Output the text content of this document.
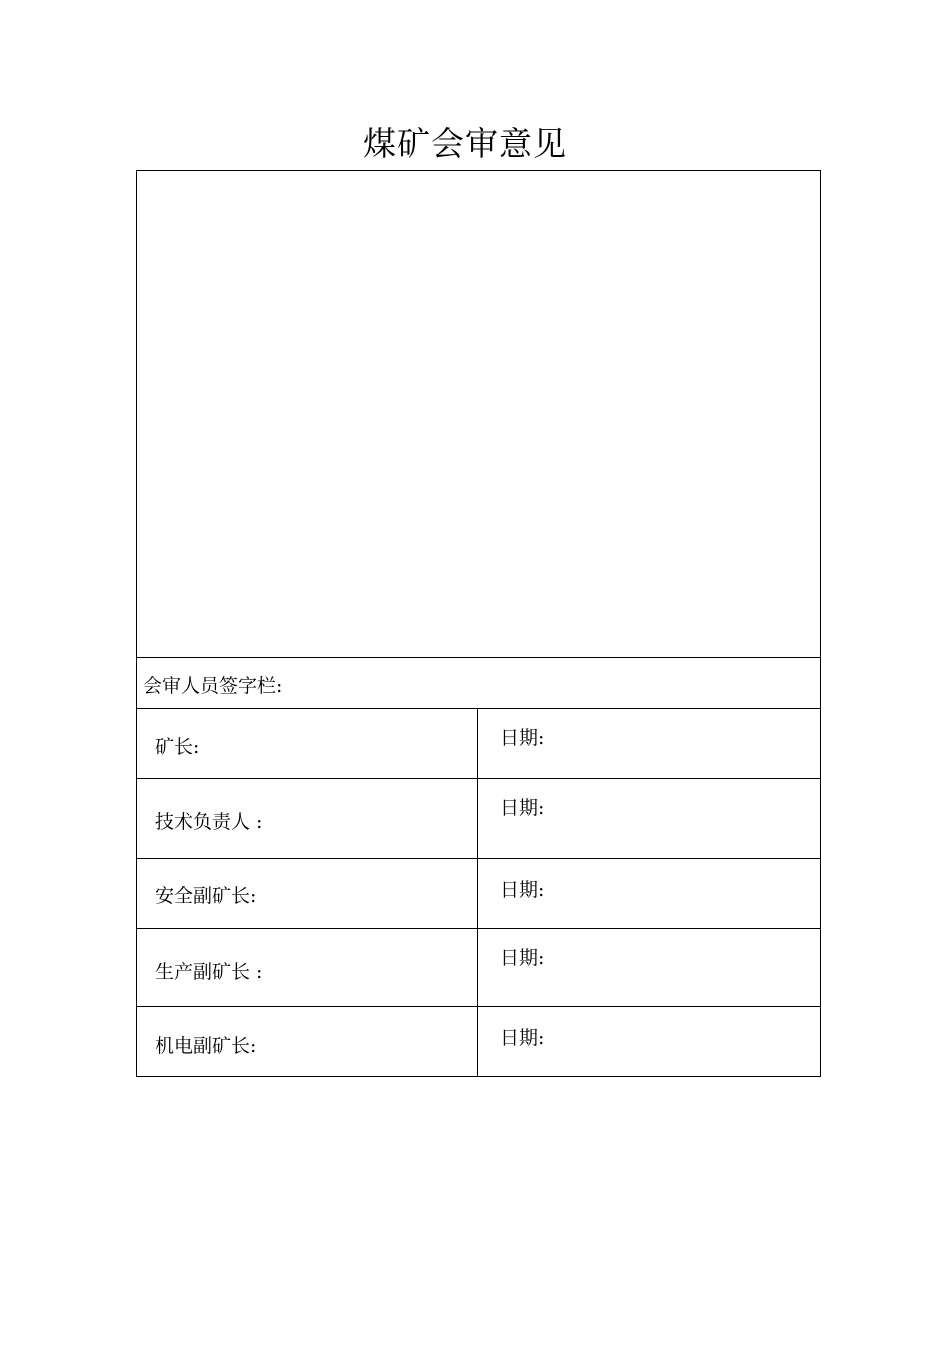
煤矿会审意见

会审人员签字栏:	
矿长:	日期:
技术负责人 :	日期:
安全副矿长:	日期:
生产副矿长 :	日期:
机电副矿长:	日期:
